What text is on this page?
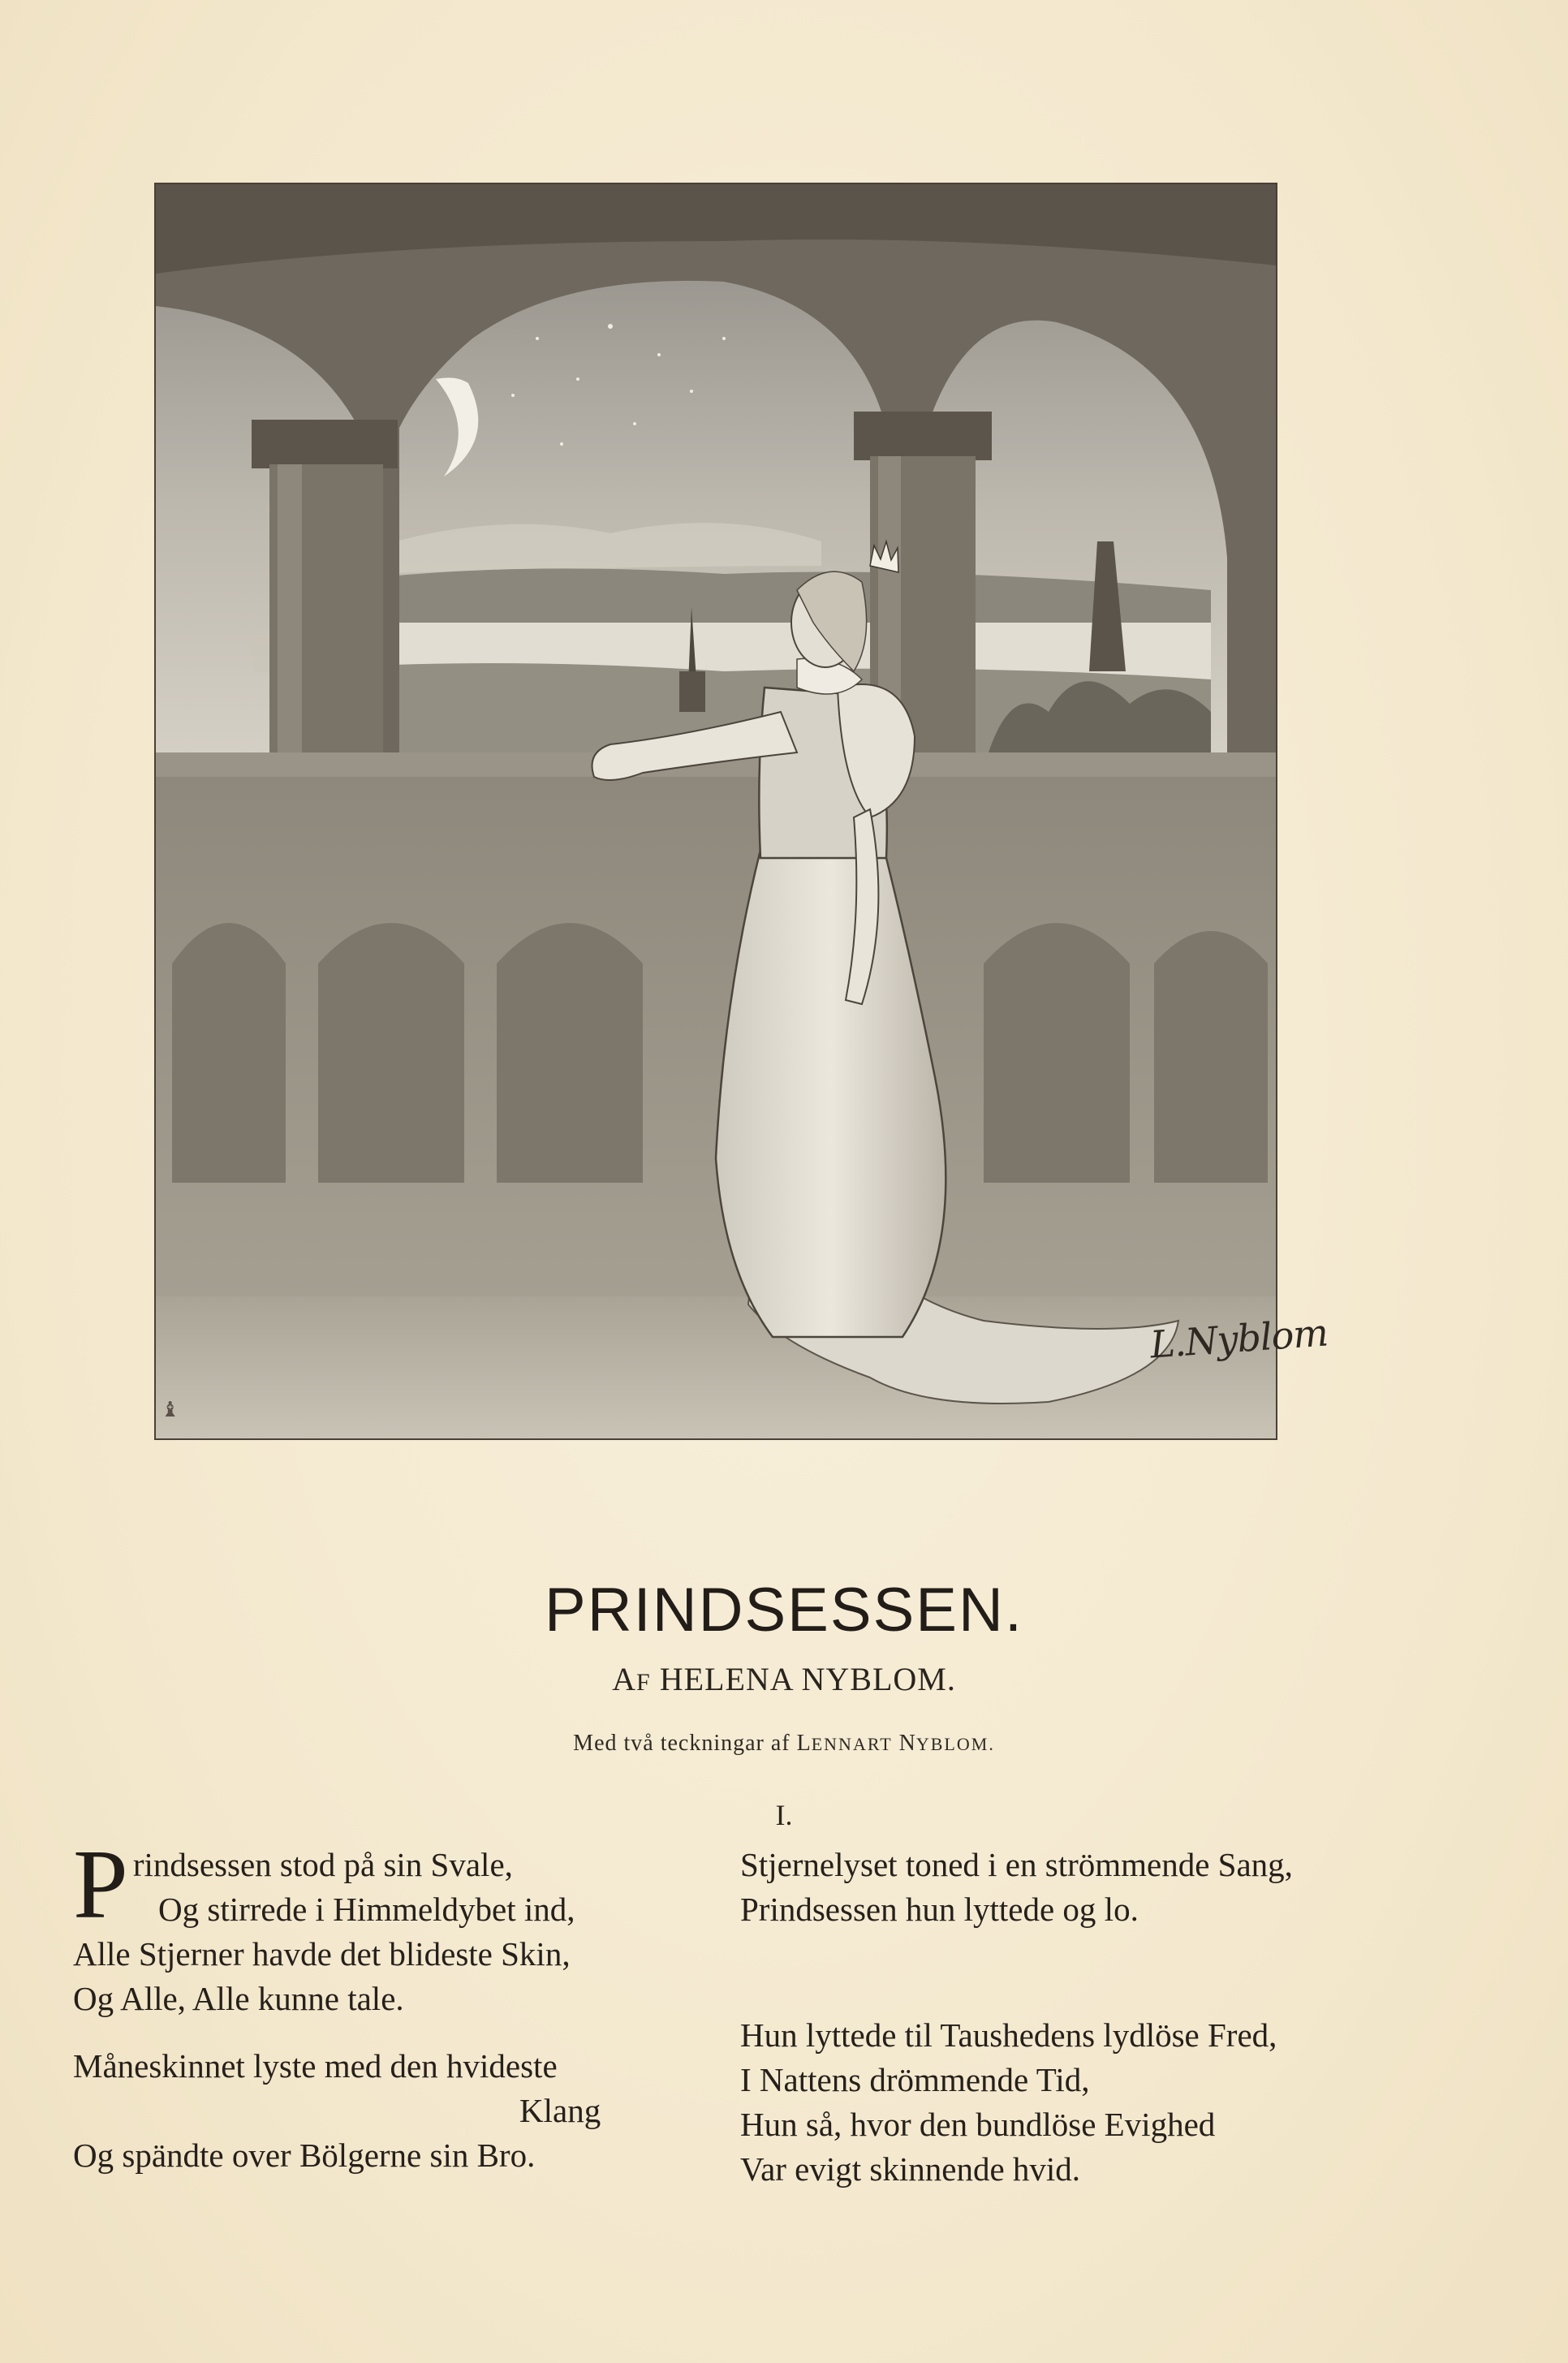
L.Nyblom
♝
PRINDSESSEN.
AF HELENA NYBLOM.
Med två teckningar af LENNART NYBLOM.
I.
P rindsessen stod på sin Svale,
Og stirrede i Himmeldybet ind,
Alle Stjerner havde det blideste Skin,
Og Alle, Alle kunne tale.
Måneskinnet lyste med den hvideste
Klang
Og spändte over Bölgerne sin Bro.
Stjernelyset toned i en strömmende Sang,
Prindsessen hun lyttede og lo.
Hun lyttede til Taushedens lydlöse Fred,
I Nattens drömmende Tid,
Hun så, hvor den bundlöse Evighed
Var evigt skinnende hvid.
